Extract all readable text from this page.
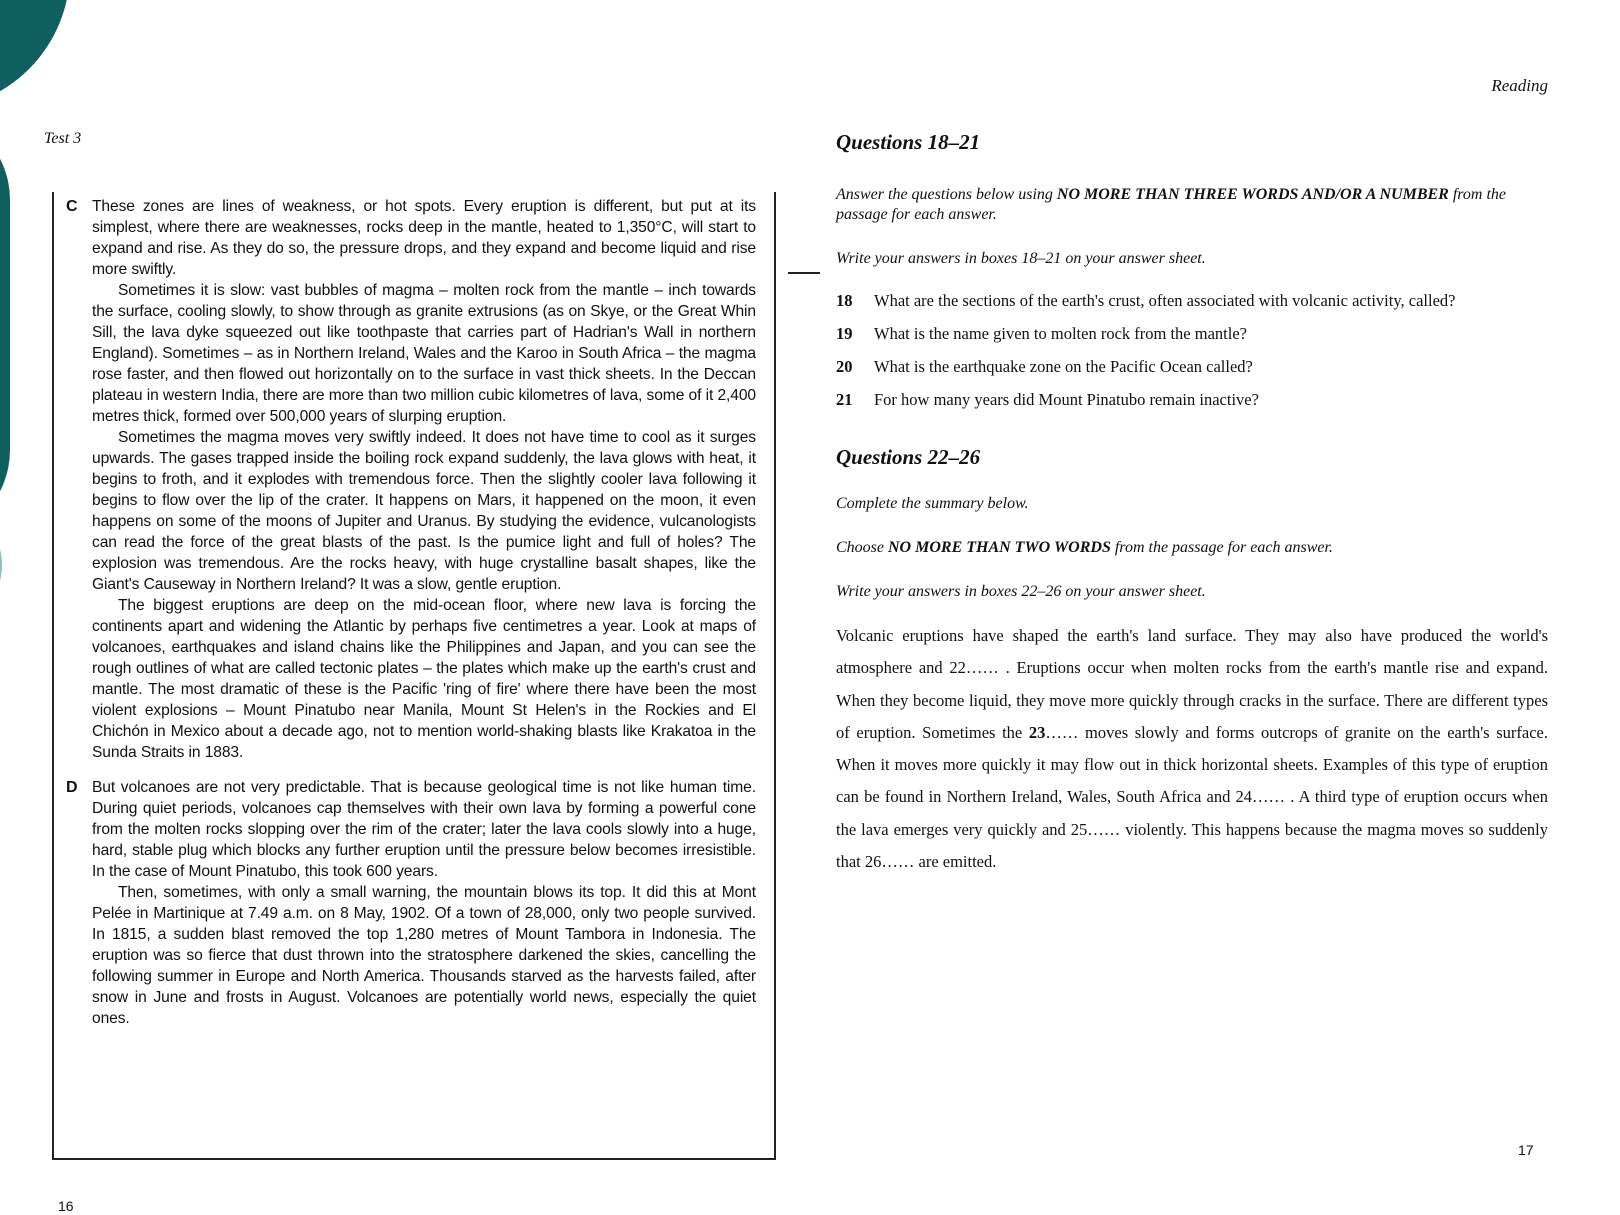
Test 3
Reading
C These zones are lines of weakness, or hot spots. Every eruption is different, but put at its simplest, where there are weaknesses, rocks deep in the mantle, heated to 1,350°C, will start to expand and rise. As they do so, the pressure drops, and they expand and become liquid and rise more swiftly.

Sometimes it is slow: vast bubbles of magma – molten rock from the mantle – inch towards the surface, cooling slowly, to show through as granite extrusions (as on Skye, or the Great Whin Sill, the lava dyke squeezed out like toothpaste that carries part of Hadrian's Wall in northern England). Sometimes – as in Northern Ireland, Wales and the Karoo in South Africa – the magma rose faster, and then flowed out horizontally on to the surface in vast thick sheets. In the Deccan plateau in western India, there are more than two million cubic kilometres of lava, some of it 2,400 metres thick, formed over 500,000 years of slurping eruption.

Sometimes the magma moves very swiftly indeed. It does not have time to cool as it surges upwards. The gases trapped inside the boiling rock expand suddenly, the lava glows with heat, it begins to froth, and it explodes with tremendous force. Then the slightly cooler lava following it begins to flow over the lip of the crater. It happens on Mars, it happened on the moon, it even happens on some of the moons of Jupiter and Uranus. By studying the evidence, vulcanologists can read the force of the great blasts of the past. Is the pumice light and full of holes? The explosion was tremendous. Are the rocks heavy, with huge crystalline basalt shapes, like the Giant's Causeway in Northern Ireland? It was a slow, gentle eruption.

The biggest eruptions are deep on the mid-ocean floor, where new lava is forcing the continents apart and widening the Atlantic by perhaps five centimetres a year. Look at maps of volcanoes, earthquakes and island chains like the Philippines and Japan, and you can see the rough outlines of what are called tectonic plates – the plates which make up the earth's crust and mantle. The most dramatic of these is the Pacific 'ring of fire' where there have been the most violent explosions – Mount Pinatubo near Manila, Mount St Helen's in the Rockies and El Chichón in Mexico about a decade ago, not to mention world-shaking blasts like Krakatoa in the Sunda Straits in 1883.

D But volcanoes are not very predictable. That is because geological time is not like human time. During quiet periods, volcanoes cap themselves with their own lava by forming a powerful cone from the molten rocks slopping over the rim of the crater; later the lava cools slowly into a huge, hard, stable plug which blocks any further eruption until the pressure below becomes irresistible. In the case of Mount Pinatubo, this took 600 years.

Then, sometimes, with only a small warning, the mountain blows its top. It did this at Mont Pelée in Martinique at 7.49 a.m. on 8 May, 1902. Of a town of 28,000, only two people survived. In 1815, a sudden blast removed the top 1,280 metres of Mount Tambora in Indonesia. The eruption was so fierce that dust thrown into the stratosphere darkened the skies, cancelling the following summer in Europe and North America. Thousands starved as the harvests failed, after snow in June and frosts in August. Volcanoes are potentially world news, especially the quiet ones.

Questions 18–21

Answer the questions below using NO MORE THAN THREE WORDS AND/OR A NUMBER from the passage for each answer.

Write your answers in boxes 18–21 on your answer sheet.

18 What are the sections of the earth's crust, often associated with volcanic activity, called?
19 What is the name given to molten rock from the mantle?
20 What is the earthquake zone on the Pacific Ocean called?
21 For how many years did Mount Pinatubo remain inactive?
Questions 22–26

Complete the summary below.

Choose NO MORE THAN TWO WORDS from the passage for each answer.

Write your answers in boxes 22–26 on your answer sheet.

Volcanic eruptions have shaped the earth's land surface. They may also have produced the world's atmosphere and 22…… . Eruptions occur when molten rocks from the earth's mantle rise and expand. When they become liquid, they move more quickly through cracks in the surface. There are different types of eruption. Sometimes the 23…… moves slowly and forms outcrops of granite on the earth's surface. When it moves more quickly it may flow out in thick horizontal sheets. Examples of this type of eruption can be found in Northern Ireland, Wales, South Africa and 24…… . A third type of eruption occurs when the lava emerges very quickly and 25…… violently. This happens because the magma moves so suddenly that 26…… are emitted.

16
17
